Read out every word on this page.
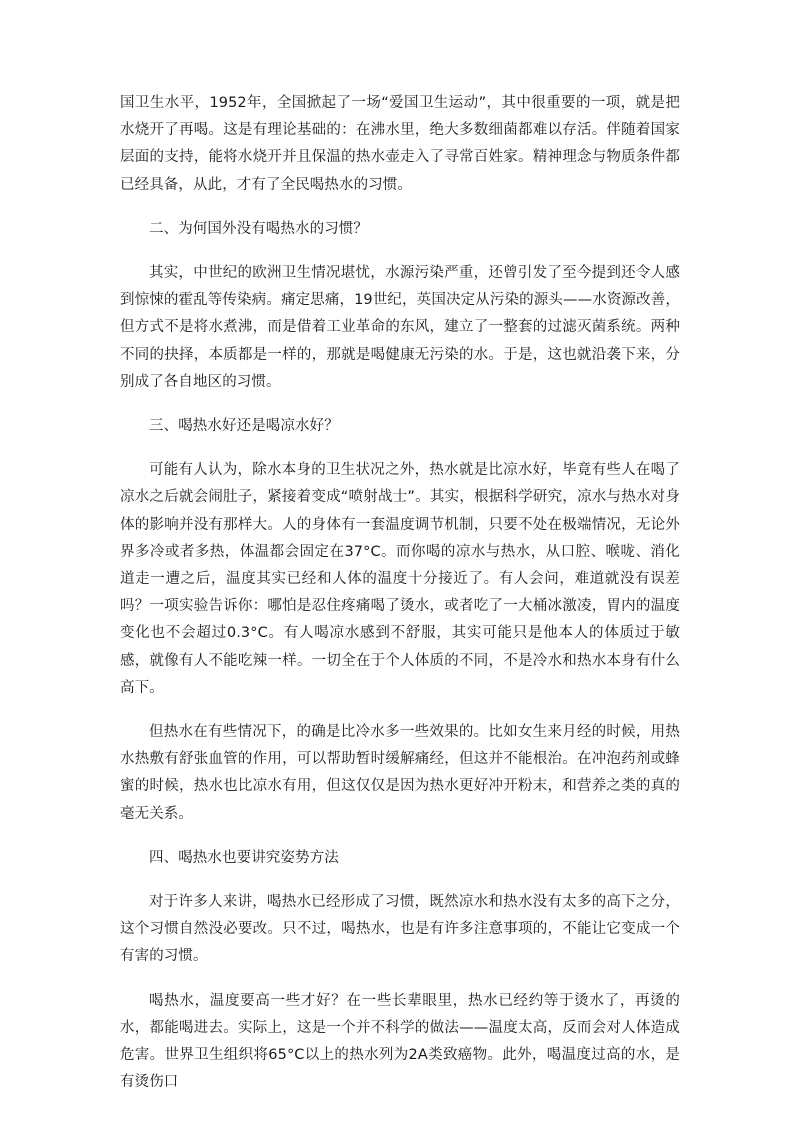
国卫生水平，1952年，全国掀起了一场“爱国卫生运动”，其中很重要的一项，就是把水烧开了再喝。这是有理论基础的：在沸水里，绝大多数细菌都难以存活。伴随着国家层面的支持，能将水烧开并且保温的热水壶走入了寻常百姓家。精神理念与物质条件都已经具备，从此，才有了全民喝热水的习惯。

二、为何国外没有喝热水的习惯？

其实，中世纪的欧洲卫生情况堪忧，水源污染严重，还曾引发了至今提到还令人感到惊悚的霍乱等传染病。痛定思痛，19世纪，英国决定从污染的源头——水资源改善，但方式不是将水煮沸，而是借着工业革命的东风，建立了一整套的过滤灭菌系统。两种不同的抉择，本质都是一样的，那就是喝健康无污染的水。于是，这也就沿袭下来，分别成了各自地区的习惯。

三、喝热水好还是喝凉水好？

可能有人认为，除水本身的卫生状况之外，热水就是比凉水好，毕竟有些人在喝了凉水之后就会闹肚子，紧接着变成“喷射战士”。其实，根据科学研究，凉水与热水对身体的影响并没有那样大。人的身体有一套温度调节机制，只要不处在极端情况，无论外界多冷或者多热，体温都会固定在37°C。而你喝的凉水与热水，从口腔、喉咙、消化道走一遭之后，温度其实已经和人体的温度十分接近了。有人会问，难道就没有误差吗？一项实验告诉你：哪怕是忍住疼痛喝了烫水，或者吃了一大桶冰激凌，胃内的温度变化也不会超过0.3°C。有人喝凉水感到不舒服，其实可能只是他本人的体质过于敏感，就像有人不能吃辣一样。一切全在于个人体质的不同，不是冷水和热水本身有什么高下。

但热水在有些情况下，的确是比冷水多一些效果的。比如女生来月经的时候，用热水热敷有舒张血管的作用，可以帮助暂时缓解痛经，但这并不能根治。在冲泡药剂或蜂蜜的时候，热水也比凉水有用，但这仅仅是因为热水更好冲开粉末，和营养之类的真的毫无关系。

四、喝热水也要讲究姿势方法

对于许多人来讲，喝热水已经形成了习惯，既然凉水和热水没有太多的高下之分，这个习惯自然没必要改。只不过，喝热水，也是有许多注意事项的，不能让它变成一个有害的习惯。

喝热水，温度要高一些才好？在一些长辈眼里，热水已经约等于烫水了，再烫的水，都能喝进去。实际上，这是一个并不科学的做法——温度太高，反而会对人体造成危害。世界卫生组织将65°C以上的热水列为2A类致癌物。此外，喝温度过高的水，是有烫伤口
